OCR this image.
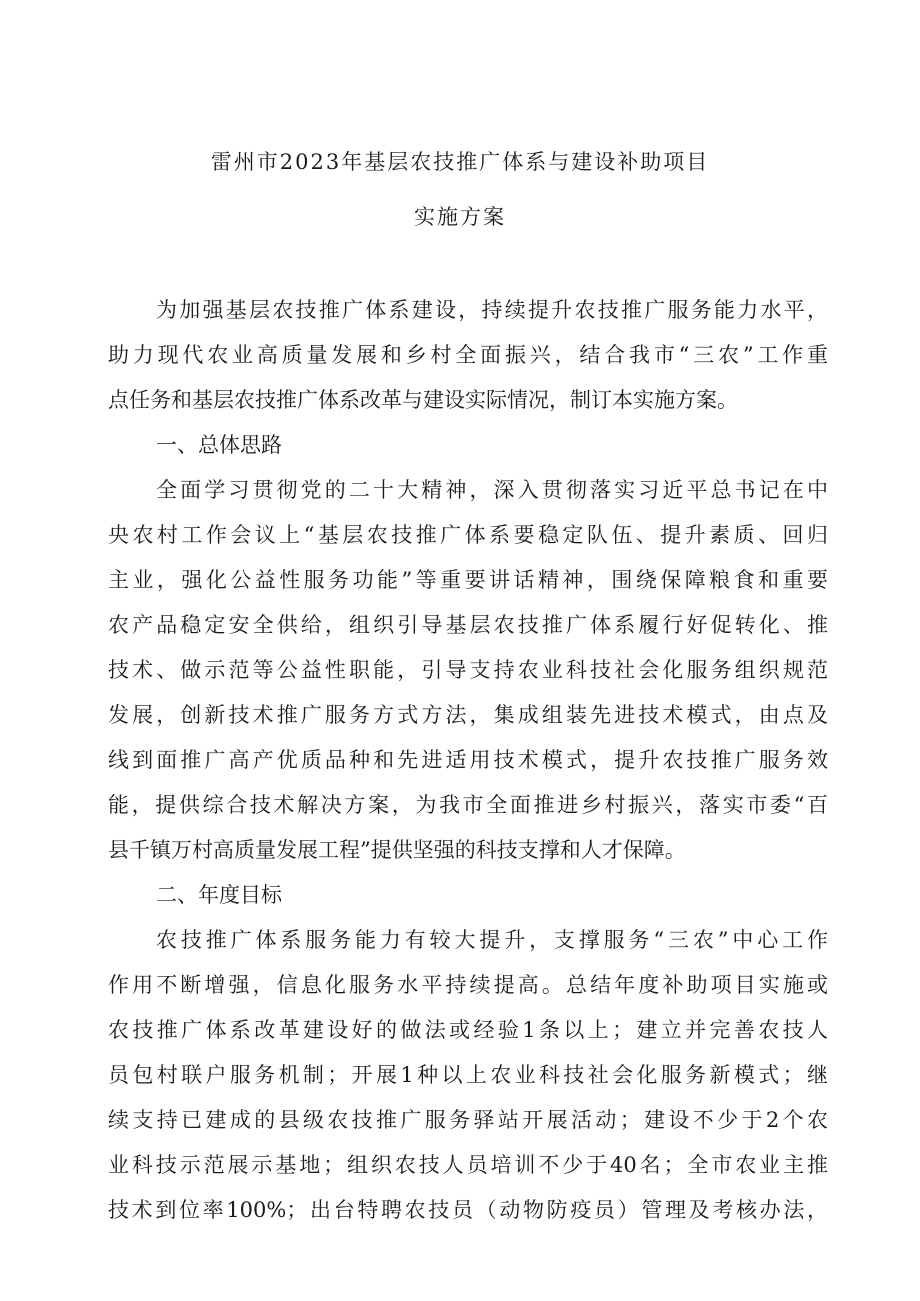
雷州市2023年基层农技推广体系与建设补助项目
实施方案
为加强基层农技推广体系建设，持续提升农技推广服务能力水平，
助力现代农业高质量发展和乡村全面振兴，结合我市“三农”工作重
点任务和基层农技推广体系改革与建设实际情况，制订本实施方案。
一、总体思路
全面学习贯彻党的二十大精神，深入贯彻落实习近平总书记在中
央农村工作会议上“基层农技推广体系要稳定队伍、提升素质、回归
主业，强化公益性服务功能”等重要讲话精神，围绕保障粮食和重要
农产品稳定安全供给，组织引导基层农技推广体系履行好促转化、推
技术、做示范等公益性职能，引导支持农业科技社会化服务组织规范
发展，创新技术推广服务方式方法，集成组装先进技术模式，由点及
线到面推广高产优质品种和先进适用技术模式，提升农技推广服务效
能，提供综合技术解决方案，为我市全面推进乡村振兴，落实市委“百
县千镇万村高质量发展工程”提供坚强的科技支撑和人才保障。
二、年度目标
农技推广体系服务能力有较大提升，支撑服务“三农”中心工作
作用不断增强，信息化服务水平持续提高。总结年度补助项目实施或
农技推广体系改革建设好的做法或经验1条以上；建立并完善农技人
员包村联户服务机制；开展1种以上农业科技社会化服务新模式；继
续支持已建成的县级农技推广服务驿站开展活动；建设不少于2个农
业科技示范展示基地；组织农技人员培训不少于40名；全市农业主推
技术到位率100%；出台特聘农技员（动物防疫员）管理及考核办法，
